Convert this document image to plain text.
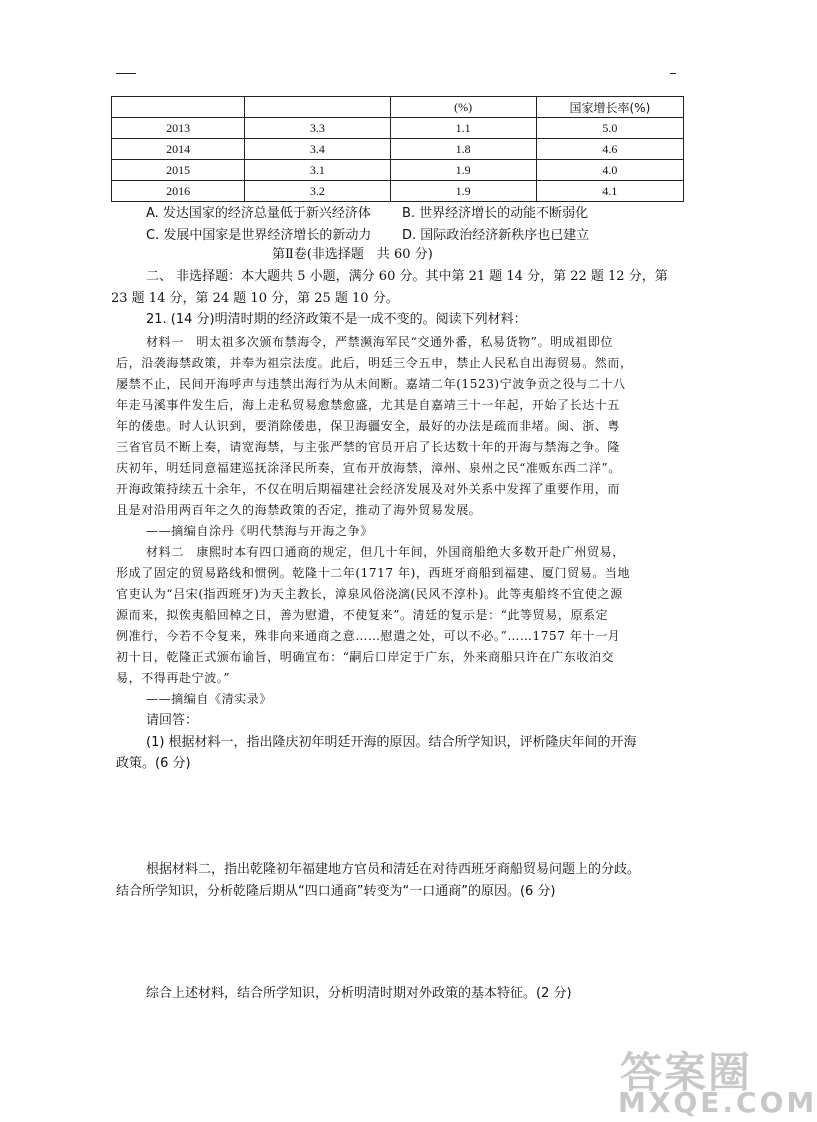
		(%)	国家增长率(%)
2013	3.3	1.1	5.0
2014	3.4	1.8	4.6
2015	3.1	1.9	4.0
2016	3.2	1.9	4.1
A. 发达国家的经济总量低于新兴经济体 B. 世界经济增长的动能不断弱化
C. 发展中国家是世界经济增长的新动力 D. 国际政治经济新秩序也已建立
第Ⅱ卷(非选择题　共 60 分)
二、 非选择题：本大题共 5 小题，满分 60 分。其中第 21 题 14 分，第 22 题 12 分，第
23 题 14 分，第 24 题 10 分，第 25 题 10 分。
21. (14 分)明清时期的经济政策不是一成不变的。阅读下列材料：
材料一　明太祖多次颁布禁海令，严禁濒海军民“交通外番，私易货物”。明成祖即位
后，沿袭海禁政策，并奉为祖宗法度。此后，明廷三令五申，禁止人民私自出海贸易。然而，
屡禁不止，民间开海呼声与违禁出海行为从未间断。嘉靖二年(1523)宁波争贡之役与二十八
年走马溪事件发生后，海上走私贸易愈禁愈盛，尤其是自嘉靖三十一年起，开始了长达十五
年的倭患。时人认识到，要消除倭患，保卫海疆安全，最好的办法是疏而非堵。闽、浙、粤
三省官员不断上奏，请宽海禁，与主张严禁的官员开启了长达数十年的开海与禁海之争。隆
庆初年，明廷同意福建巡抚涂泽民所奏，宣布开放海禁，漳州、泉州之民“准贩东西二洋”。
开海政策持续五十余年，不仅在明后期福建社会经济发展及对外关系中发挥了重要作用，而
且是对沿用两百年之久的海禁政策的否定，推动了海外贸易发展。
——摘编自涂丹《明代禁海与开海之争》
材料二　康熙时本有四口通商的规定，但几十年间，外国商船绝大多数开赴广州贸易，
形成了固定的贸易路线和惯例。乾隆十二年(1717 年)，西班牙商船到福建、厦门贸易。当地
官吏认为“吕宋(指西班牙)为天主教长，漳泉风俗浇漓(民风不淳朴)。此等夷船终不宜使之源
源而来，拟俟夷船回棹之日，善为慰遣，不使复来”。清廷的复示是：“此等贸易，原系定
例准行，今若不令复来，殊非向来通商之意……慰遣之处，可以不必。”……1757 年十一月
初十日，乾隆正式颁布谕旨，明确宣布：“嗣后口岸定于广东，外来商船只许在广东收泊交
易，不得再赴宁波。”
——摘编自《清实录》
请回答：
(1) 根据材料一，指出隆庆初年明廷开海的原因。结合所学知识，评析隆庆年间的开海
政策。(6 分)
根据材料二，指出乾隆初年福建地方官员和清廷在对待西班牙商船贸易问题上的分歧。
结合所学知识，分析乾隆后期从“四口通商”转变为“一口通商”的原因。(6 分)
综合上述材料，结合所学知识，分析明清时期对外政策的基本特征。(2 分)
答案圈
MXQE.COM
